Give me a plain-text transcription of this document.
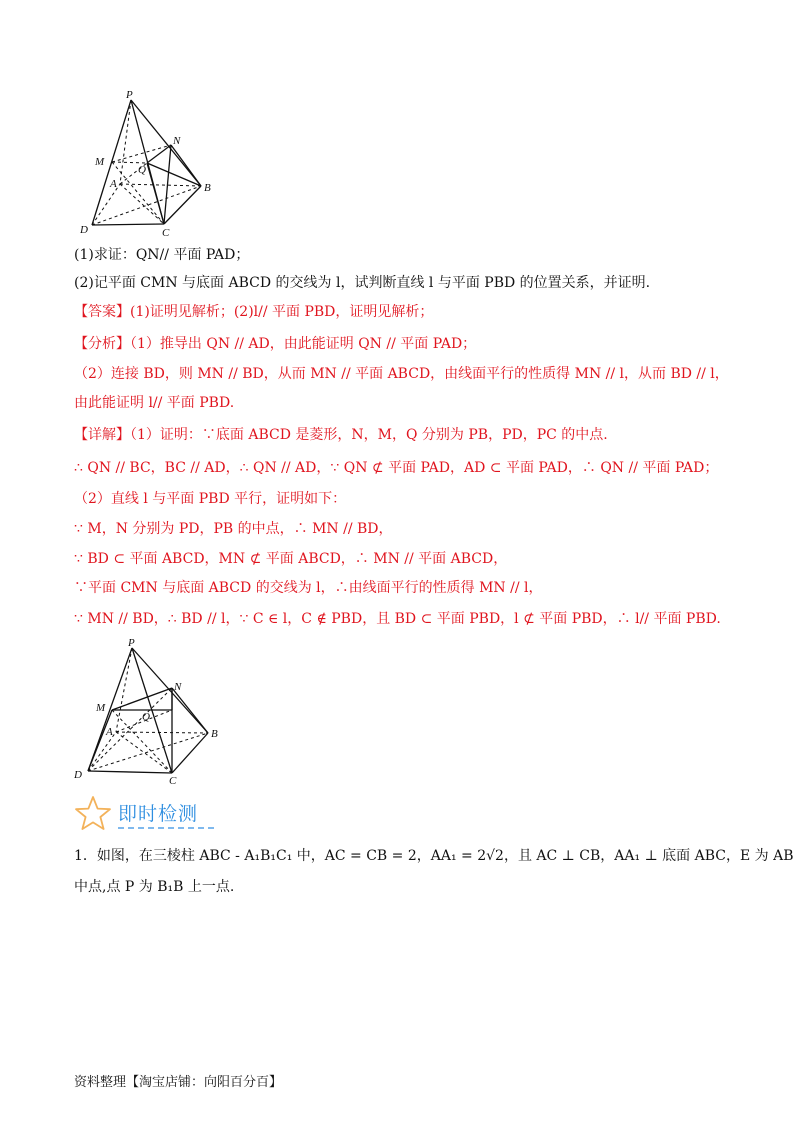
P
N
M
Q
A	B
D	C
(1)求证：QN// 平面 PAD；
(2)记平面 CMN 与底面 ABCD 的交线为 l，试判断直线 l 与平面 PBD 的位置关系，并证明.
【答案】(1)证明见解析；(2)l// 平面 PBD，证明见解析；
【分析】（1）推导出 QN // AD，由此能证明 QN // 平面 PAD；
（2）连接 BD，则 MN // BD，从而 MN // 平面 ABCD，由线面平行的性质得 MN // l，从而 BD // l，
由此能证明 l// 平面 PBD.
【详解】（1）证明：∵底面 ABCD 是菱形，N，M，Q 分别为 PB，PD，PC 的中点.
∴ QN // BC，BC // AD，∴ QN // AD，∵ QN ⊄ 平面 PAD，AD ⊂ 平面 PAD，∴ QN // 平面 PAD；
（2）直线 l 与平面 PBD 平行，证明如下：
∵ M，N 分别为 PD，PB 的中点，∴ MN // BD，
∵ BD ⊂ 平面 ABCD，MN ⊄ 平面 ABCD，∴ MN // 平面 ABCD，
∵平面 CMN 与底面 ABCD 的交线为 l，∴由线面平行的性质得 MN // l，
∵ MN // BD，∴ BD // l，∵ C ∈ l，C ∉ PBD，且 BD ⊂ 平面 PBD，l ⊄ 平面 PBD，∴ l// 平面 PBD.
P
N
M
Q
A	B
D	C
即时检测
1．如图，在三棱柱 ABC - A₁B₁C₁ 中，AC = CB = 2，AA₁ = 2√2，且 AC ⊥ CB，AA₁ ⊥ 底面 ABC，E 为 AB
中点,点 P 为 B₁B 上一点.
资料整理【淘宝店铺：向阳百分百】
